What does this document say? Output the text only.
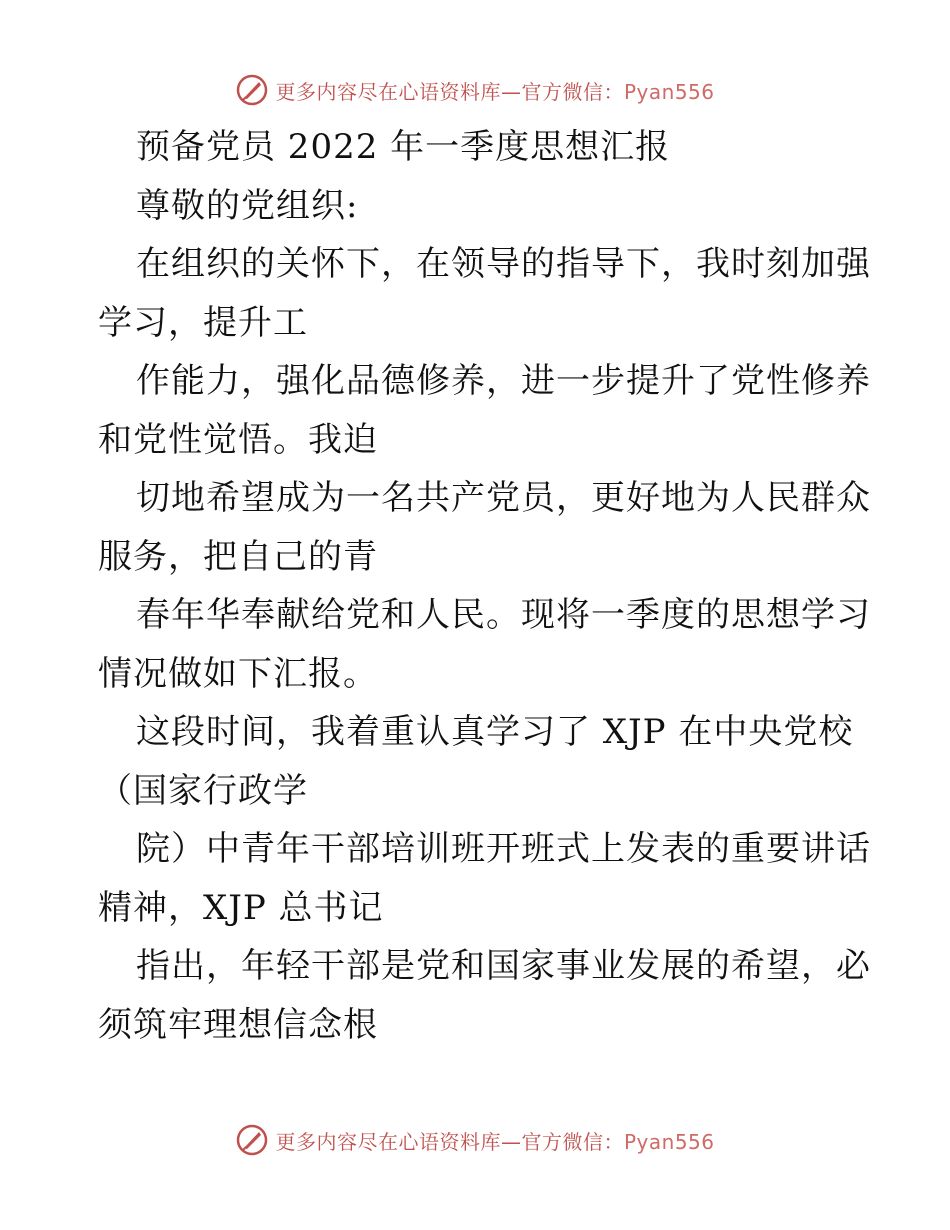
更多内容尽在心语资料库—官方微信：Pyan556
预备党员 2022 年一季度思想汇报
尊敬的党组织:
在组织的关怀下，在领导的指导下，我时刻加强
学习，提升工
作能力，强化品德修养，进一步提升了党性修养
和党性觉悟。我迫
切地希望成为一名共产党员，更好地为人民群众
服务，把自己的青
春年华奉献给党和人民。现将一季度的思想学习
情况做如下汇报。
这段时间，我着重认真学习了 XJP 在中央党校
（国家行政学
院）中青年干部培训班开班式上发表的重要讲话
精神，XJP 总书记
指出，年轻干部是党和国家事业发展的希望，必
须筑牢理想信念根
更多内容尽在心语资料库—官方微信：Pyan556
